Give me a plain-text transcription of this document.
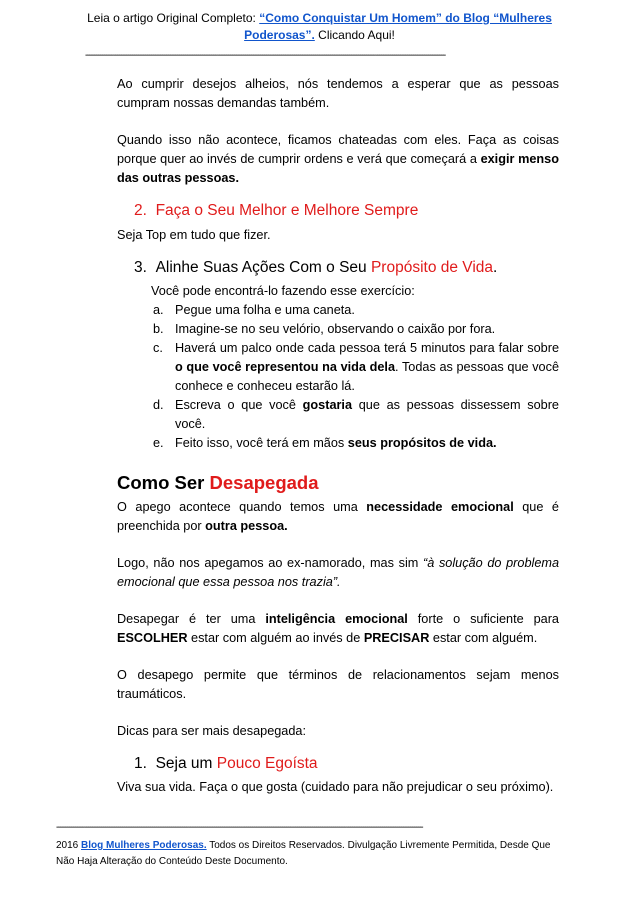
Leia o artigo Original Completo: “Como Conquistar Um Homem” do Blog “Mulheres Poderosas”. Clicando Aqui!
-------------------------------------------------------------------------------------------------------------------------------------------------------------------------

Ao cumprir desejos alheios, nós tendemos a esperar que as pessoas cumpram nossas demandas também.

Quando isso não acontece, ficamos chateadas com eles. Faça as coisas porque quer ao invés de cumprir ordens e verá que começará a exigir menso das outras pessoas.

2. Faça o Seu Melhor e Melhore Sempre

Seja Top em tudo que fizer.

3. Alinhe Suas Ações Com o Seu Propósito de Vida.

Você pode encontrá-lo fazendo esse exercício:

a. Pegue uma folha e uma caneta.
b. Imagine-se no seu velório, observando o caixão por fora.
c. Haverá um palco onde cada pessoa terá 5 minutos para falar sobre o que você representou na vida dela. Todas as pessoas que você conhece e conheceu estarão lá.
d. Escreva o que você gostaria que as pessoas dissessem sobre você.
e. Feito isso, você terá em mãos seus propósitos de vida.

Como Ser Desapegada

O apego acontece quando temos uma necessidade emocional que é preenchida por outra pessoa.

Logo, não nos apegamos ao ex-namorado, mas sim “à solução do problema emocional que essa pessoa nos trazia”.

Desapegar é ter uma inteligência emocional forte o suficiente para ESCOLHER estar com alguém ao invés de PRECISAR estar com alguém.

O desapego permite que términos de relacionamentos sejam menos traumáticos.

Dicas para ser mais desapegada:

1. Seja um Pouco Egoísta

Viva sua vida. Faça o que gosta (cuidado para não prejudicar o seu próximo).

----------------------------------------------------------------------------------------------------------------------------------------------------------------------------
2016 Blog Mulheres Poderosas. Todos os Direitos Reservados. Divulgação Livremente Permitida, Desde Que Não Haja Alteração do Conteúdo Deste Documento.
